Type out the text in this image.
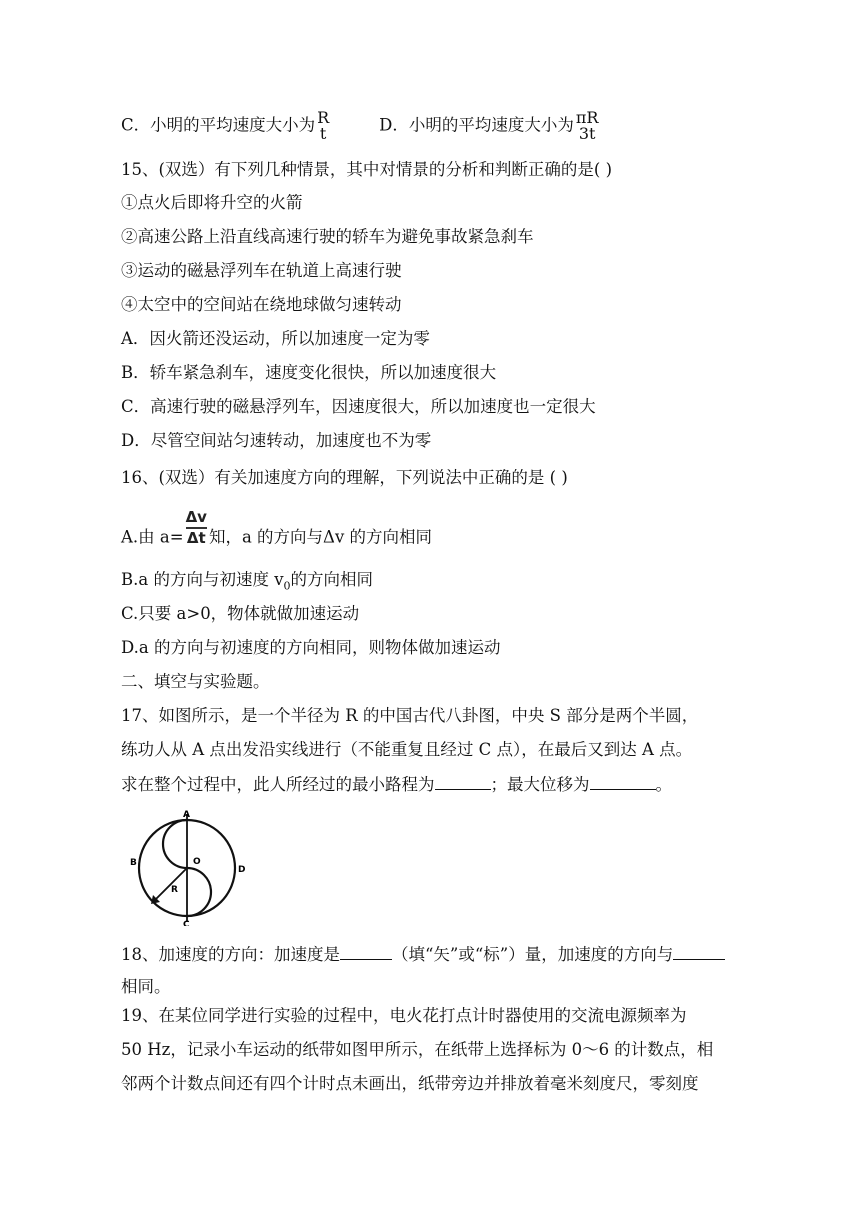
C．小明的平均速度大小为 R
t	D．小明的平均速度大小为 πR
3t
15、(双选）有下列几种情景，其中对情景的分析和判断正确的是( )
①点火后即将升空的火箭
②高速公路上沿直线高速行驶的轿车为避免事故紧急刹车
③运动的磁悬浮列车在轨道上高速行驶
④太空中的空间站在绕地球做匀速转动
A．因火箭还没运动，所以加速度一定为零
B．轿车紧急刹车，速度变化很快，所以加速度很大
C．高速行驶的磁悬浮列车，因速度很大，所以加速度也一定很大
D．尽管空间站匀速转动，加速度也不为零
16、(双选）有关加速度方向的理解，下列说法中正确的是 ( )
A.由 $a= \frac{\Delta v}{\Delta t}$ 知，a 的方向与Δv 的方向相同
B.a 的方向与初速度 $v_0$的方向相同
C.只要 a>0，物体就做加速运动
D.a 的方向与初速度的方向相同，则物体做加速运动
二、填空与实验题。
17、如图所示，是一个半径为 R 的中国古代八卦图，中央 S 部分是两个半圆，
练功人从 A 点出发沿实线进行（不能重复且经过 C 点），在最后又到达 A 点。
求在整个过程中，此人所经过的最小路程为	；最大位移为	。
A
B
C
D
O
R
18、加速度的方向：加速度是	（填“矢”或“标”）量，加速度的方向与
相同。
19、在某位同学进行实验的过程中，电火花打点计时器使用的交流电源频率为
50 Hz，记录小车运动的纸带如图甲所示，在纸带上选择标为 0～6 的计数点，相
邻两个计数点间还有四个计时点未画出，纸带旁边并排放着毫米刻度尺，零刻度
